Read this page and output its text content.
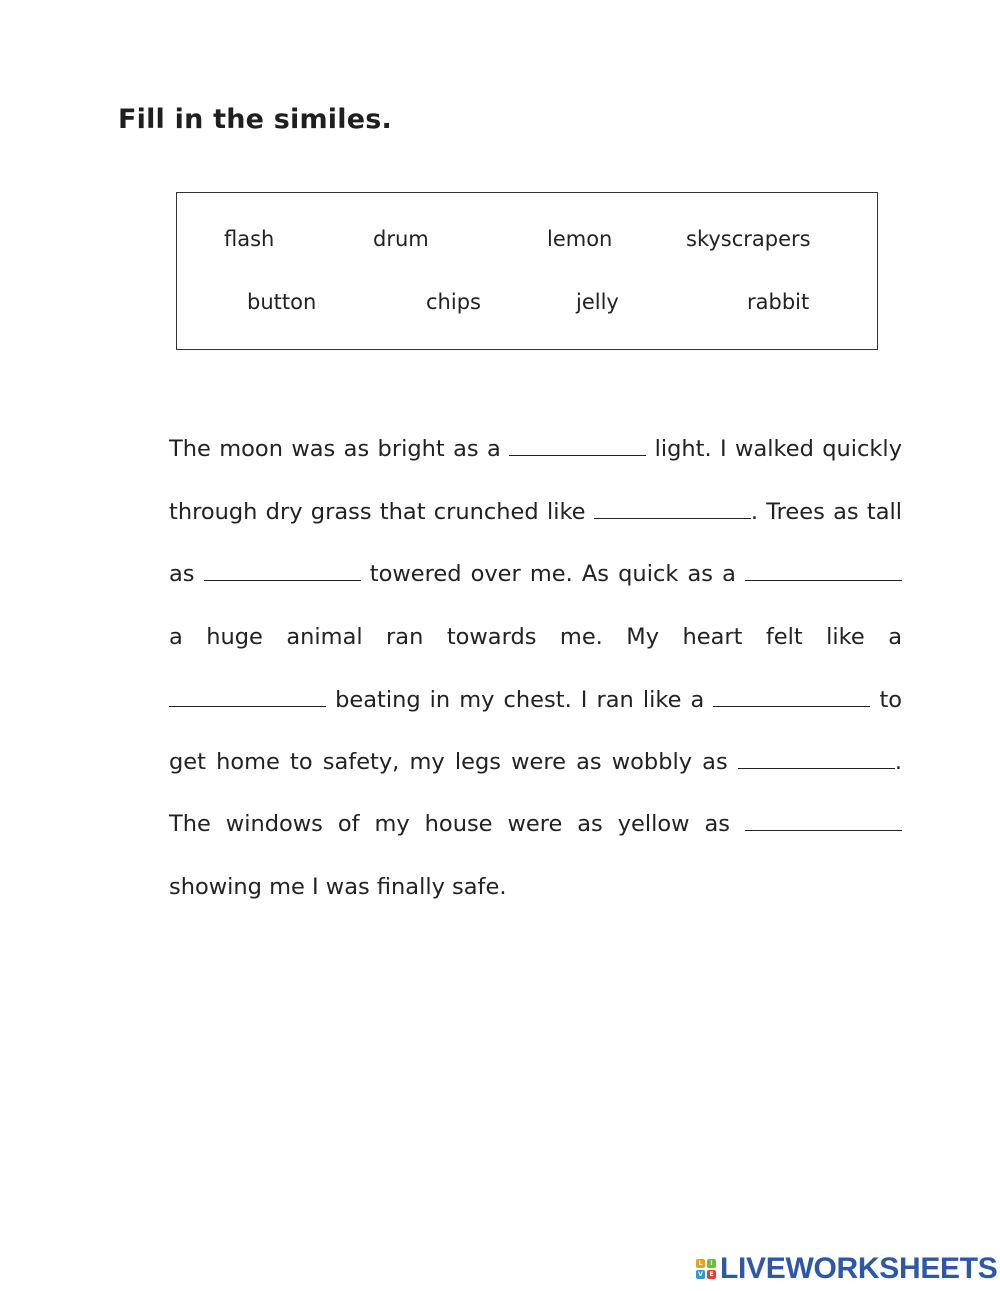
Fill in the similes.
flash	drum	lemon	skyscrapers
button	chips	jelly	rabbit
The moon was as bright as a	light. I walked quickly
through dry grass that crunched like	. Trees as tall
as	towered over me. As quick as a
a huge animal ran towards me. My heart felt like a
beating in my chest. I ran like a	to
get home to safety, my legs were as wobbly as	.
The windows of my house were as yellow as
showing me I was finally safe.
L	I
V	E LIVEWORKSHEETS
